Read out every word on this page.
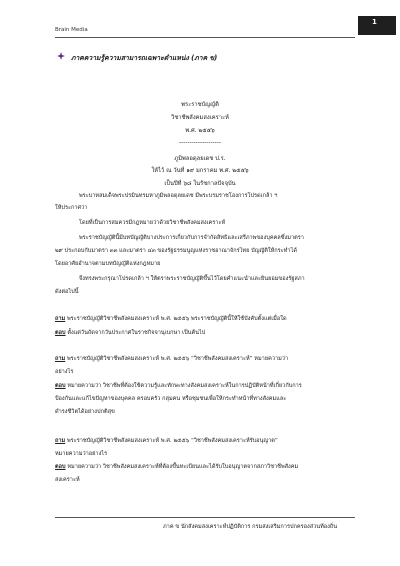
1
Brain Media
ภาคความรู้ความสามารถเฉพาะตำแหน่ง (ภาค ข)
พระราชบัญญัติ
วิชาชีพสังคมสงเคราะห์
พ.ศ. ๒๕๕๖
--------------------
ภูมิพลอดุลยเดช ป.ร.
ให้ไว้ ณ วันที่ ๑๙ มกราคม พ.ศ. ๒๕๕๖
เป็นปีที่ ๖๘ ในรัชกาลปัจจุบัน
พระบาทสมเด็จพระปรมินทรมหาภูมิพลอดุลยเดช มีพระบรมราชโองการโปรดเกล้า ฯ
ให้ประกาศว่า
โดยที่เป็นการสมควรมีกฎหมายว่าด้วยวิชาชีพสังคมสงเคราะห์
พระราชบัญญัตินี้มีบทบัญญัติบางประการเกี่ยวกับการจำกัดสิทธิและเสรีภาพของบุคคลซึ่งมาตรา
๒๙ ประกอบกับมาตรา ๓๓ และมาตรา ๔๓ ของรัฐธรรมนูญแห่งราชอาณาจักรไทย บัญญัติให้กระทำได้
โดยอาศัยอำนาจตามบทบัญญัติแห่งกฎหมาย
จึงทรงพระกรุณาโปรดเกล้า ฯ ให้ตราพระราชบัญญัติขึ้นไว้โดยคำแนะนำและยินยอมของรัฐสภา
ดังต่อไปนี้
ถาม พระราชบัญญัติวิชาชีพสังคมสงเคราะห์ พ.ศ. ๒๕๕๖ พระราชบัญญัตินี้ให้ใช้บังคับตั้งแต่เมื่อใด
ตอบ ตั้งแต่วันถัดจากวันประกาศในราชกิจจานุเบกษา เป็นต้นไป
ถาม พระราชบัญญัติวิชาชีพสังคมสงเคราะห์ พ.ศ. ๒๕๕๖ “วิชาชีพสังคมสงเคราะห์” หมายความว่า
อย่างไร
ตอบ หมายความว่า วิชาชีพที่ต้องใช้ความรู้และทักษะทางสังคมสงเคราะห์ในการปฏิบัติหน้าที่เกี่ยวกับการ
ป้องกันและแก้ไขปัญหาของบุคคล ครอบครัว กลุ่มคน หรือชุมชนเพื่อให้กระทำหน้าที่ทางสังคมและ
ดำรงชีวิตได้อย่างปกติสุข
ถาม พระราชบัญญัติวิชาชีพสังคมสงเคราะห์ พ.ศ. ๒๕๕๖ “วิชาชีพสังคมสงเคราะห์รับอนุญาต”
หมายความว่าอย่างไร
ตอบ หมายความว่า วิชาชีพสังคมสงเคราะห์ที่ต้องขึ้นทะเบียนและได้รับใบอนุญาตจากสภาวิชาชีพสังคม
สงเคราะห์
ภาค ข นักสังคมสงเคราะห์ปฏิบัติการ กรมส่งเสริมการปกครองส่วนท้องถิ่น
